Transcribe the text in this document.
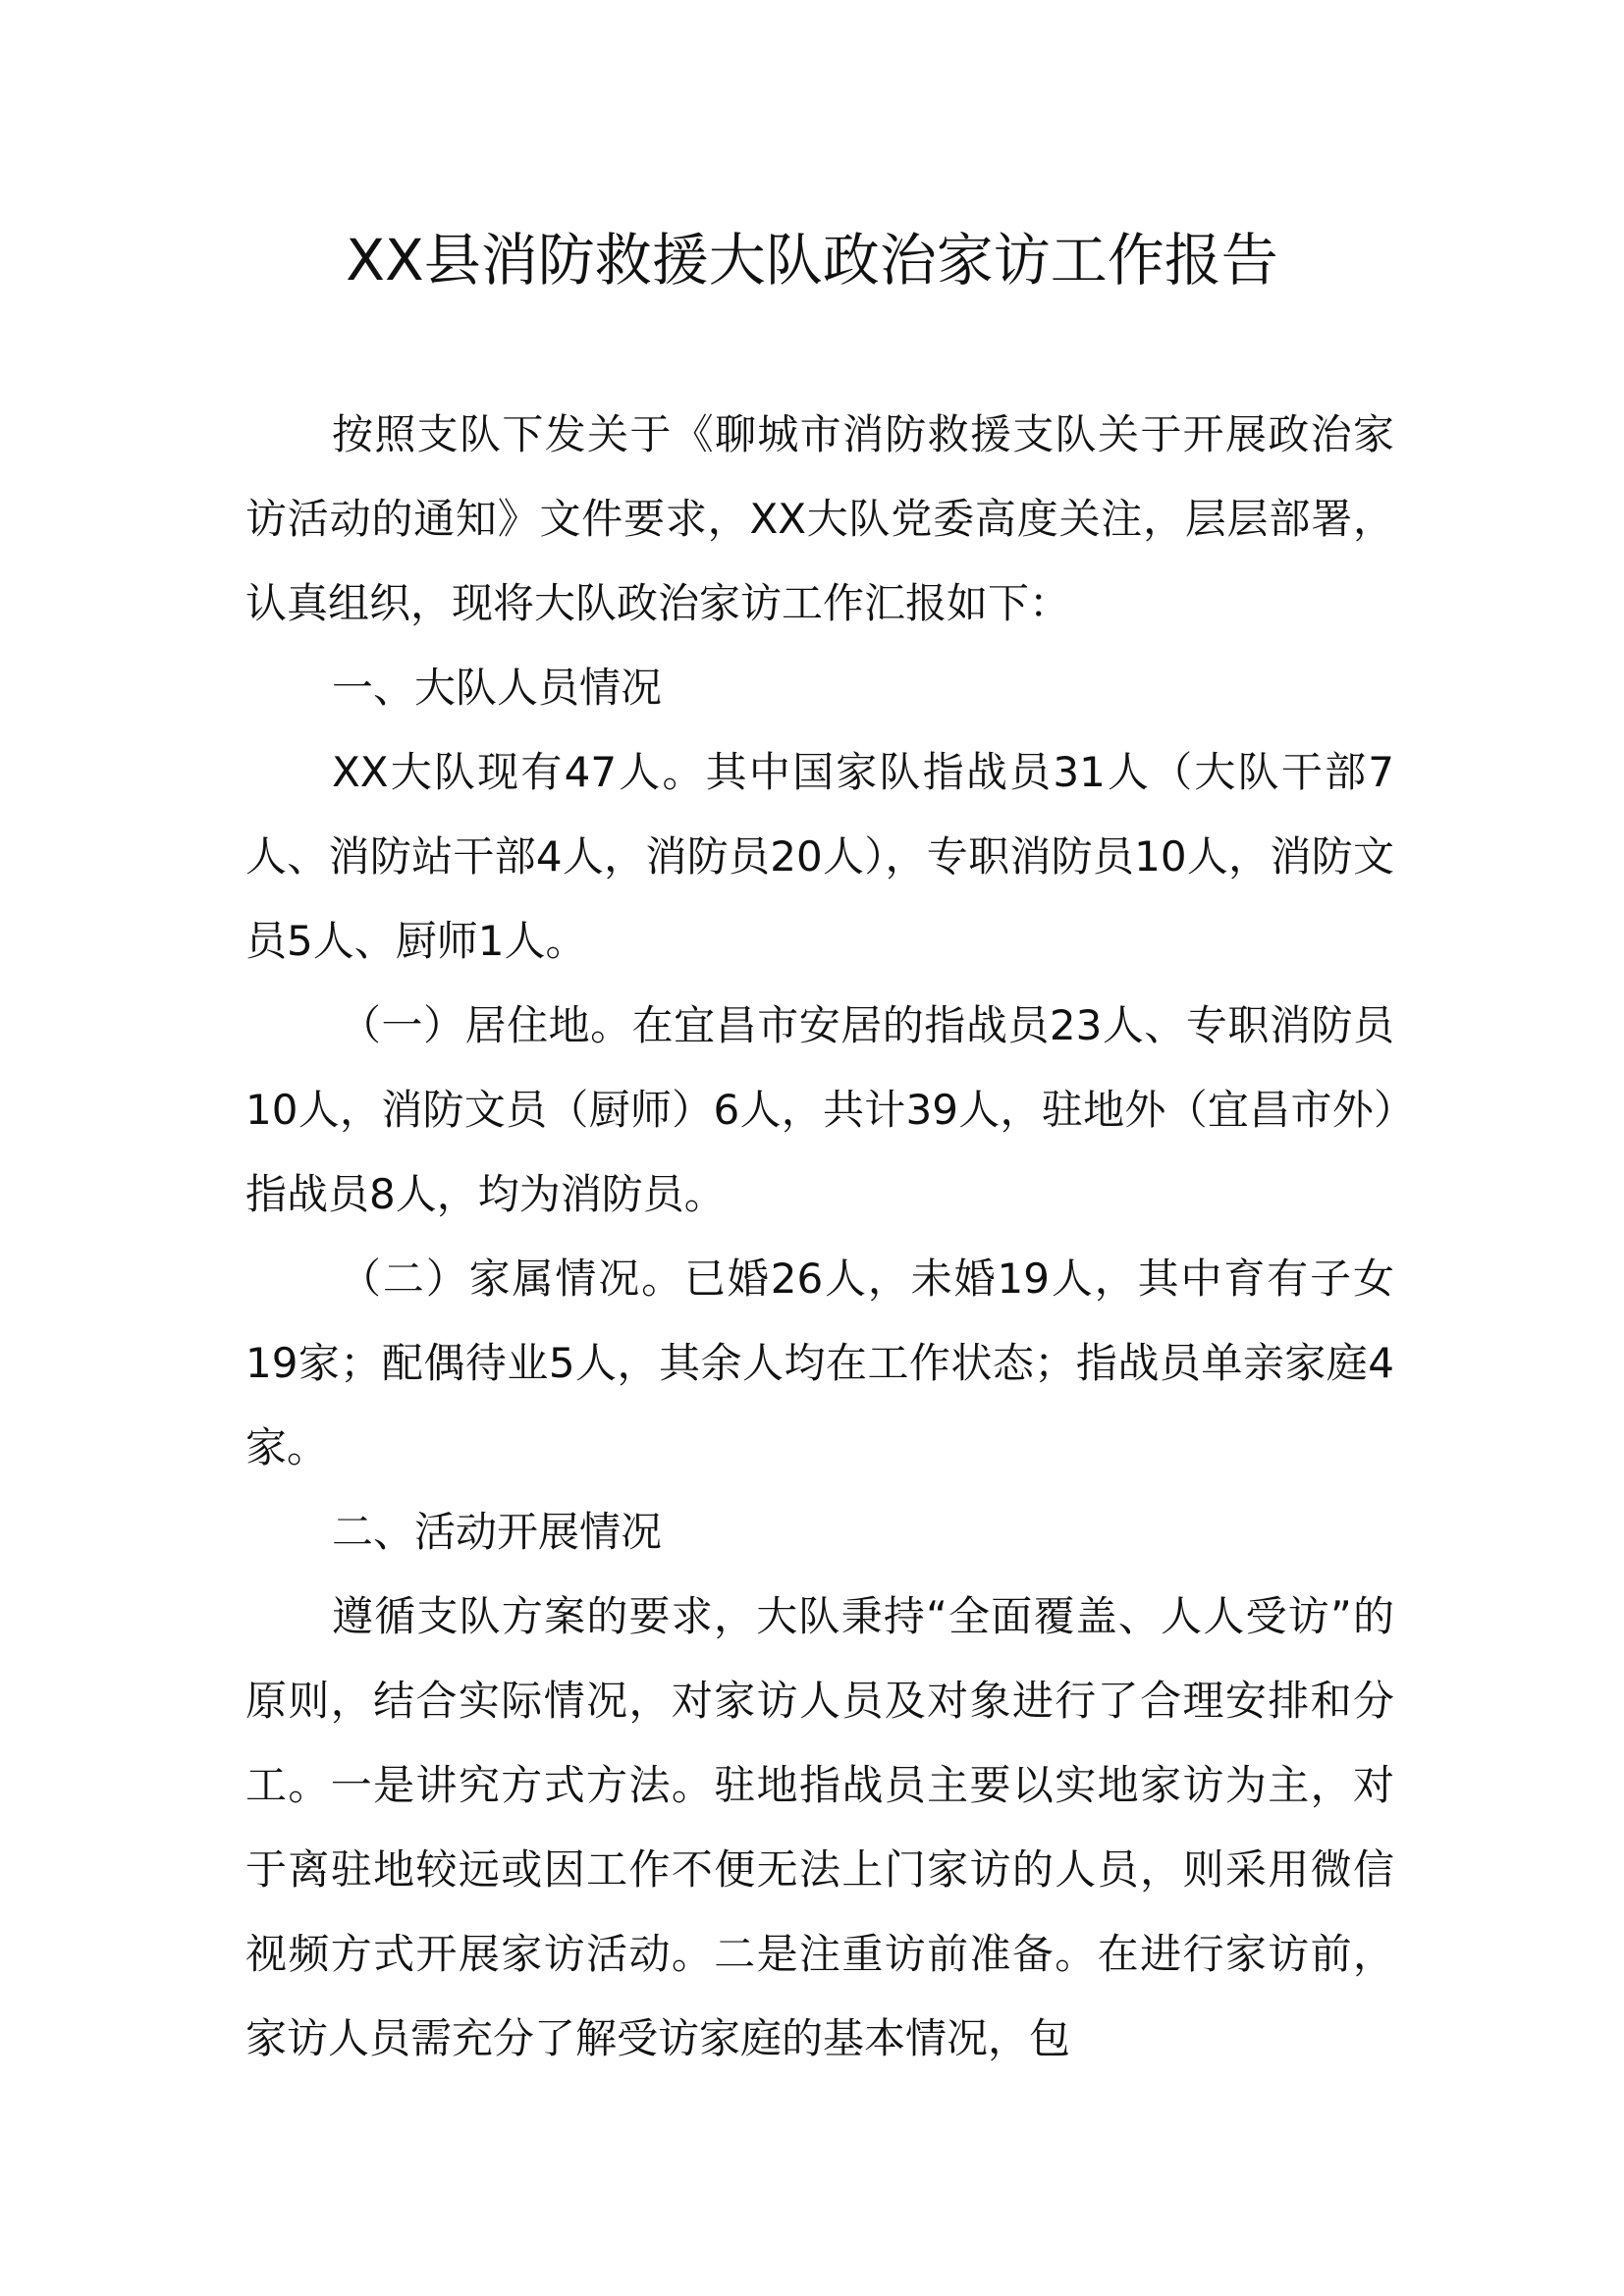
XX县消防救援大队政治家访工作报告

按照支队下发关于《聊城市消防救援支队关于开展政治家访活动的通知》文件要求，XX大队党委高度关注，层层部署，认真组织，现将大队政治家访工作汇报如下：

一、大队人员情况

XX大队现有47人。其中国家队指战员31人（大队干部7人、消防站干部4人，消防员20人），专职消防员10人，消防文员5人、厨师1人。

（一）居住地。在宜昌市安居的指战员23人、专职消防员10人，消防文员（厨师）6人，共计39人，驻地外（宜昌市外）指战员8人，均为消防员。

（二）家属情况。已婚26人，未婚19人，其中育有子女19家；配偶待业5人，其余人均在工作状态；指战员单亲家庭4家。

二、活动开展情况

遵循支队方案的要求，大队秉持“全面覆盖、人人受访”的原则，结合实际情况，对家访人员及对象进行了合理安排和分工。一是讲究方式方法。驻地指战员主要以实地家访为主，对于离驻地较远或因工作不便无法上门家访的人员，则采用微信视频方式开展家访活动。二是注重访前准备。在进行家访前，家访人员需充分了解受访家庭的基本情况，包
